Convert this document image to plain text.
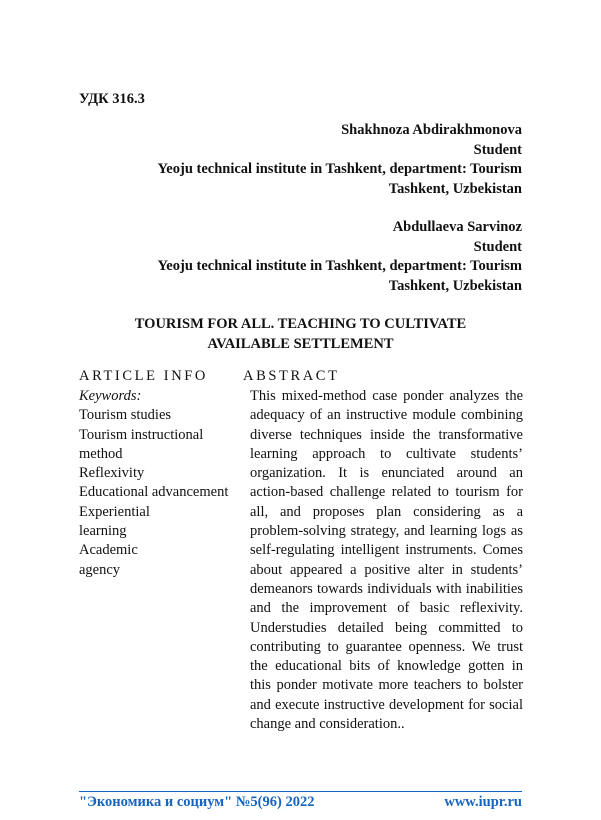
УДК 316.3
Shakhnoza Abdirakhmonova
Student
Yeoju technical institute in Tashkent, department: Tourism
Tashkent, Uzbekistan
Abdullaeva Sarvinoz
Student
Yeoju technical institute in Tashkent, department: Tourism
Tashkent, Uzbekistan
TOURISM FOR ALL. TEACHING TO CULTIVATE
AVAILABLE SETTLEMENT
ARTICLE INFO ABSTRACT
Keywords:
Tourism studies
Tourism instructional
method
Reflexivity
Educational advancement
Experiential
learning
Academic
agency
This mixed-method case ponder analyzes the adequacy of an instructive module combining diverse techniques inside the transformative learning approach to cultivate students’ organization. It is enunciated around an action-based challenge related to tourism for all, and proposes plan considering as a problem-solving strategy, and learning logs as self-regulating intelligent instruments. Comes about appeared a positive alter in students’ demeanors towards individuals with inabilities and the improvement of basic reflexivity. Understudies detailed being committed to contributing to guarantee openness. We trust the educational bits of knowledge gotten in this ponder motivate more teachers to bolster and execute instructive development for social change and consideration..
"Экономика и социум" №5(96) 2022	www.iupr.ru
